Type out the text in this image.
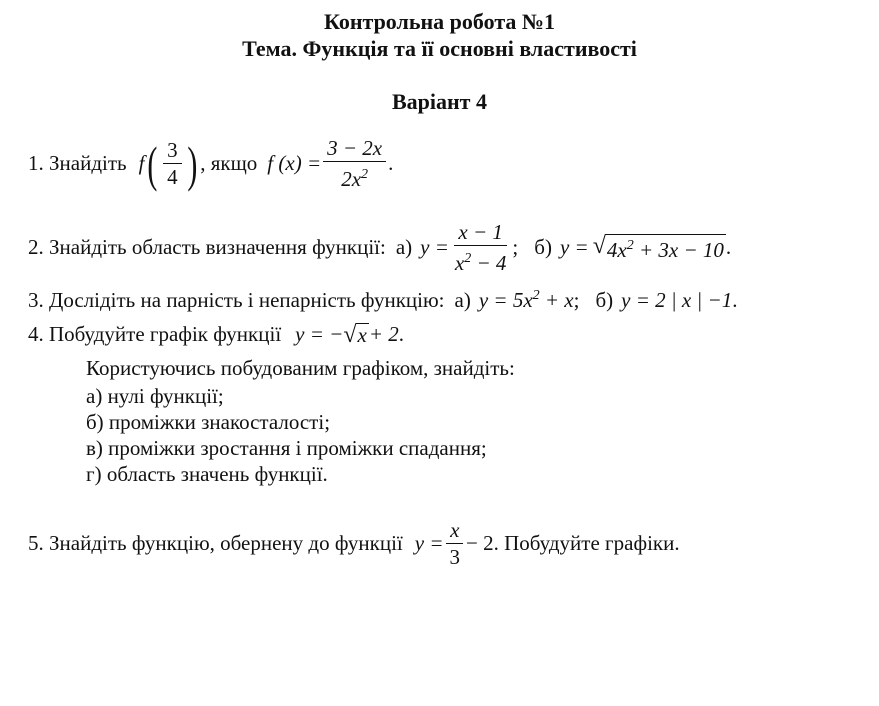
Контрольна робота №1
Тема. Функція та її основні властивості
Варіант 4
1. Знайдіть f ( $\frac{3}{4}$ ) , якщо f $(x) = \frac{3 - 2x}{2x^2}$ .
2. Знайдіть область визначення функції: а) $y = \frac{x - 1}{x^2 - 4}$ ; б) y = √ $4x^2 + 3x - 10$ .
3. Дослідіть на парність і непарність функцію: а) $y = 5x^2 + x$ ; б) y = 2 | x | −1 .
4. Побудуйте графік функції y = − √ x + 2 .
Користуючись побудованим графіком, знайдіть:
а) нулі функції;
б) проміжки знакосталості;
в) проміжки зростання і проміжки спадання;
г) область значень функції.
5. Знайдіть функцію, обернену до функції $y = \frac{x}{3} - 2$ . Побудуйте графіки.
